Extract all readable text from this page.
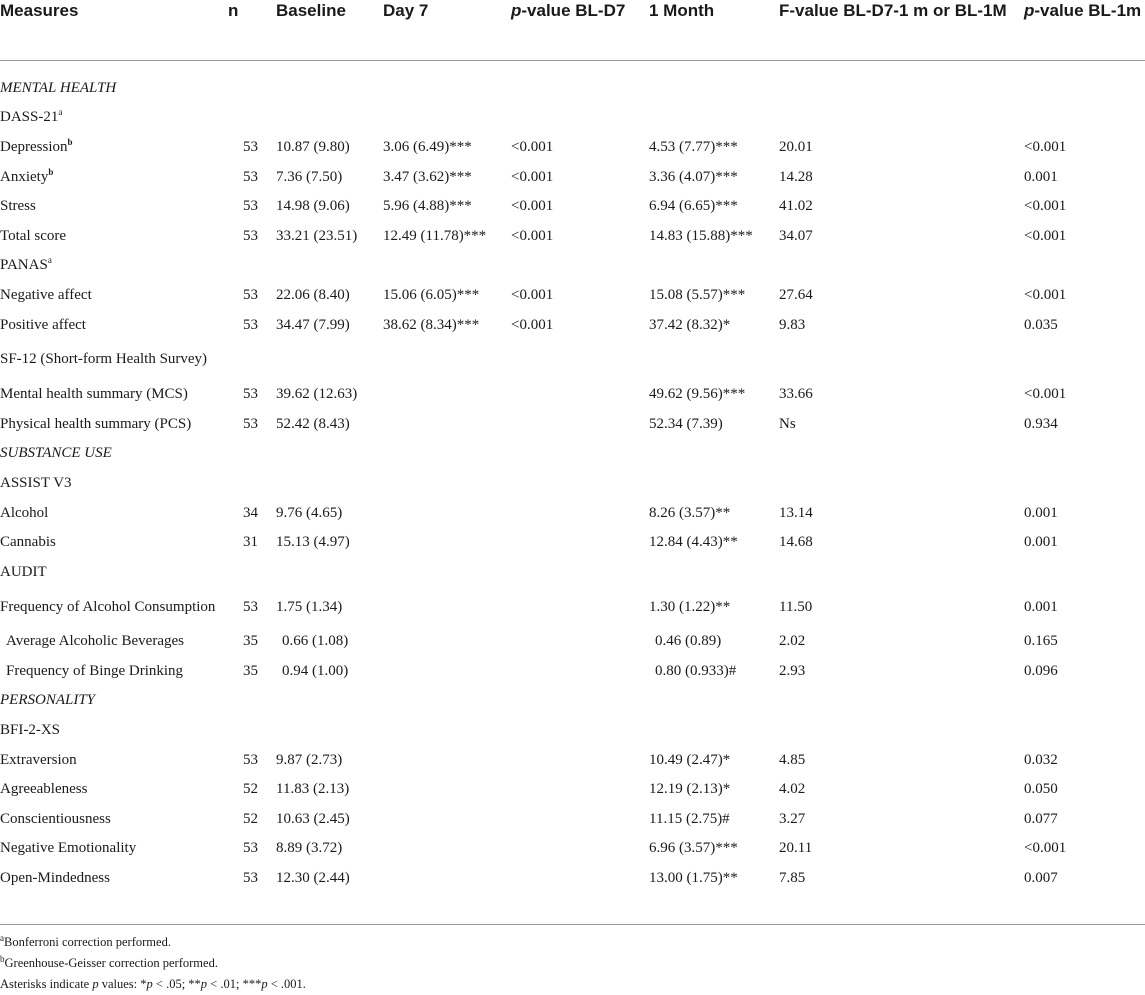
Measures	n	Baseline	Day 7	p-value BL-D7	1 Month	F-value BL-D7-1 m or BL-1M	p-value BL-1m
MENTAL HEALTH							
DASS-21$^a$							
Depression$^b$	53	10.87 (9.80)	3.06 (6.49)***	<0.001	4.53 (7.77)***	20.01	<0.001
Anxiety$^b$	53	7.36 (7.50)	3.47 (3.62)***	<0.001	3.36 (4.07)***	14.28	0.001
Stress	53	14.98 (9.06)	5.96 (4.88)***	<0.001	6.94 (6.65)***	41.02	<0.001
Total score	53	33.21 (23.51)	12.49 (11.78)***	<0.001	14.83 (15.88)***	34.07	<0.001
PANAS$^a$							
Negative affect	53	22.06 (8.40)	15.06 (6.05)***	<0.001	15.08 (5.57)***	27.64	<0.001
Positive affect	53	34.47 (7.99)	38.62 (8.34)***	<0.001	37.42 (8.32)*	9.83	0.035
SF-12 (Short-form Health Survey)							
Mental health summary (MCS)	53	39.62 (12.63)			49.62 (9.56)***	33.66	<0.001
Physical health summary (PCS)	53	52.42 (8.43)			52.34 (7.39)	Ns	0.934
SUBSTANCE USE							
ASSIST V3							
Alcohol	34	9.76 (4.65)			8.26 (3.57)**	13.14	0.001
Cannabis	31	15.13 (4.97)			12.84 (4.43)**	14.68	0.001
AUDIT							
Frequency of Alcohol Consumption	53	1.75 (1.34)			1.30 (1.22)**	11.50	0.001
Average Alcoholic Beverages	35	0.66 (1.08)			0.46 (0.89)	2.02	0.165
Frequency of Binge Drinking	35	0.94 (1.00)			0.80 (0.933)#	2.93	0.096
PERSONALITY							
BFI-2-XS							
Extraversion	53	9.87 (2.73)			10.49 (2.47)*	4.85	0.032
Agreeableness	52	11.83 (2.13)			12.19 (2.13)*	4.02	0.050
Conscientiousness	52	10.63 (2.45)			11.15 (2.75)#	3.27	0.077
Negative Emotionality	53	8.89 (3.72)			6.96 (3.57)***	20.11	<0.001
Open-Mindedness	53	12.30 (2.44)			13.00 (1.75)**	7.85	0.007

$^a$Bonferroni correction performed.

$^b$Greenhouse-Geisser correction performed.

Asterisks indicate p values: *p < .05; **p < .01; ***p < .001.
